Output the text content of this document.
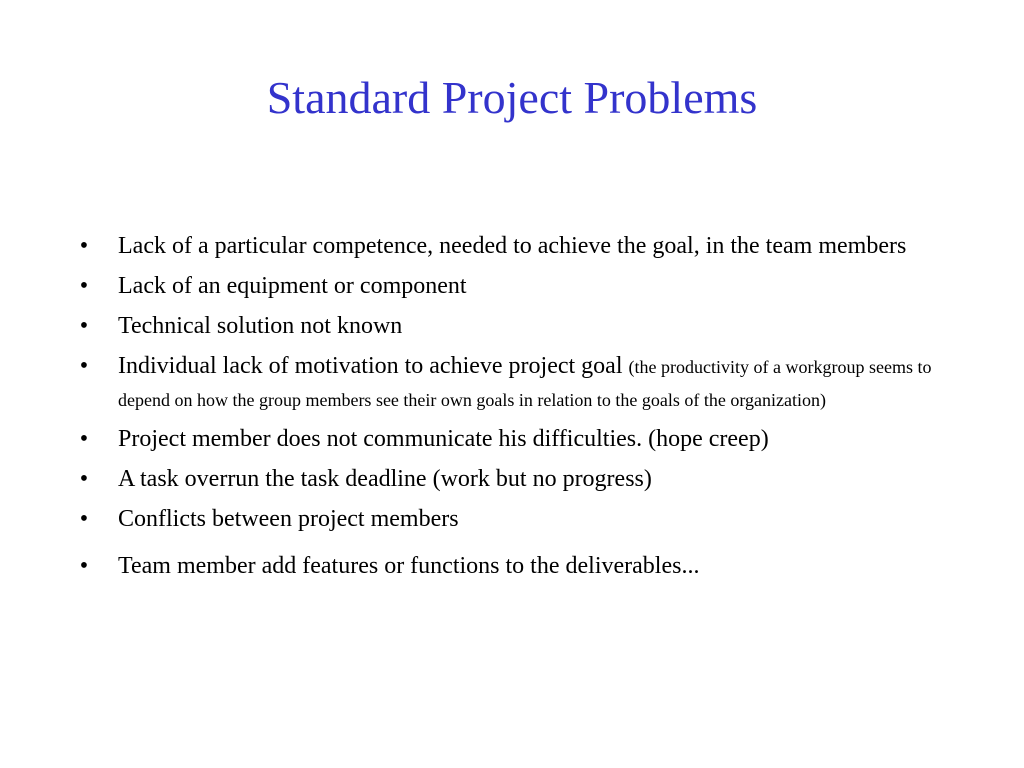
Standard Project Problems
• Lack of a particular competence, needed to achieve the goal, in the team members
• Lack of an equipment or component
• Technical solution not known
• Individual lack of motivation to achieve project goal (the productivity of a workgroup seems to depend on how the group members see their own goals in relation to the goals of the organization)
• Project member does not communicate his difficulties. (hope creep)
• A task overrun the task deadline (work but no progress)
• Conflicts between project members
• Team member add features or functions to the deliverables...
